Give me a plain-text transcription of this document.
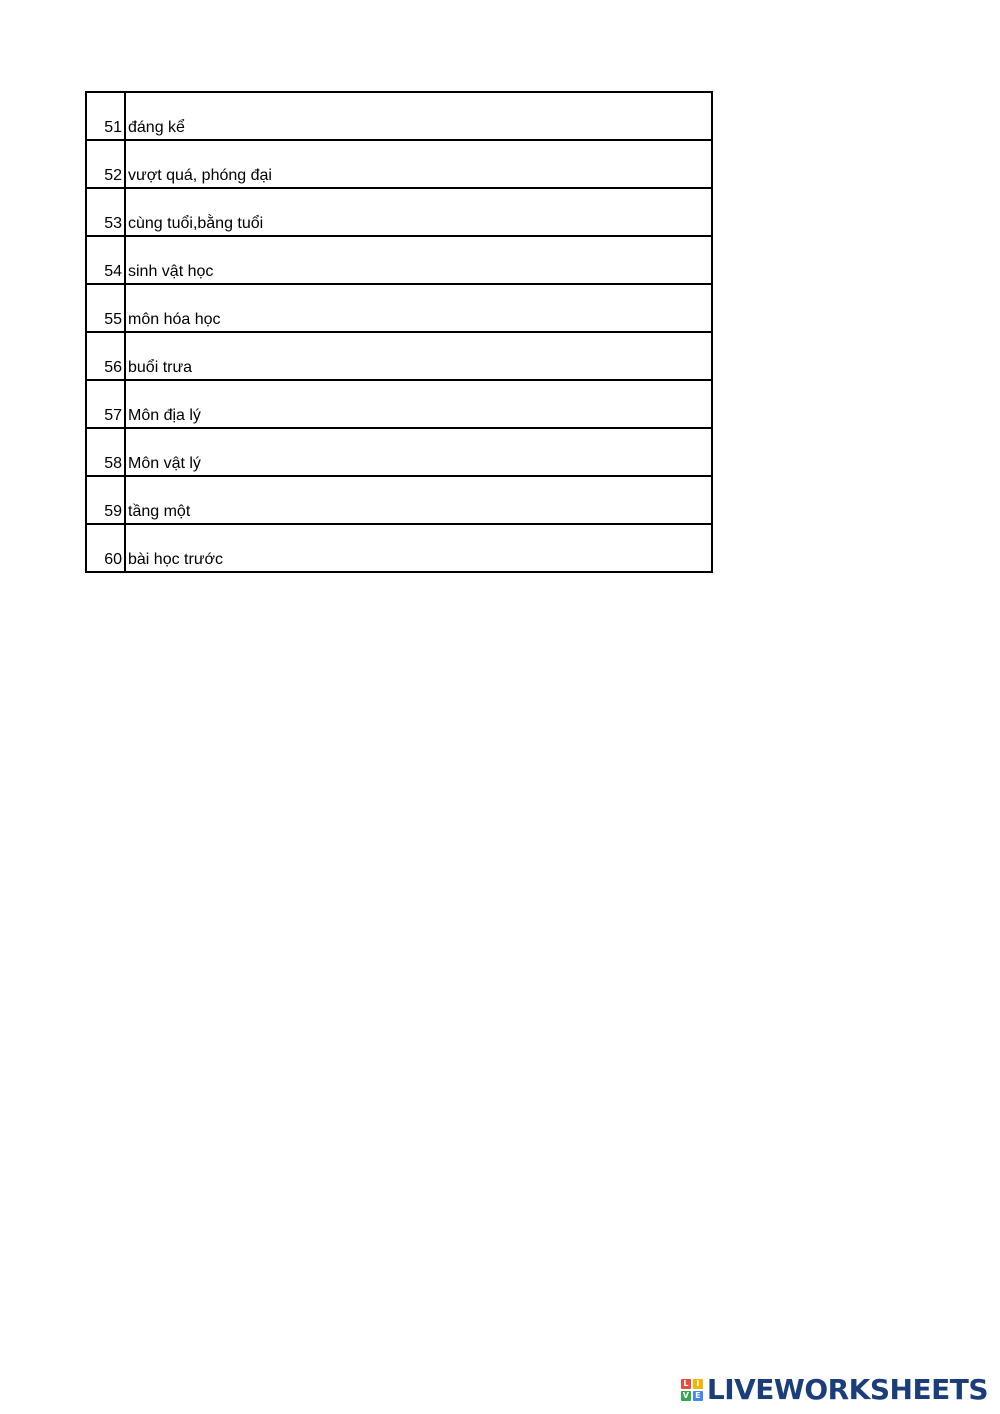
51	đáng kể
52	vượt quá, phóng đại
53	cùng tuổi,bằng tuổi
54	sinh vật học
55	môn hóa học
56	buổi trưa
57	Môn địa lý
58	Môn vật lý
59	tầng một
60	bài học trước
L I
V E LIVEWORKSHEETS
